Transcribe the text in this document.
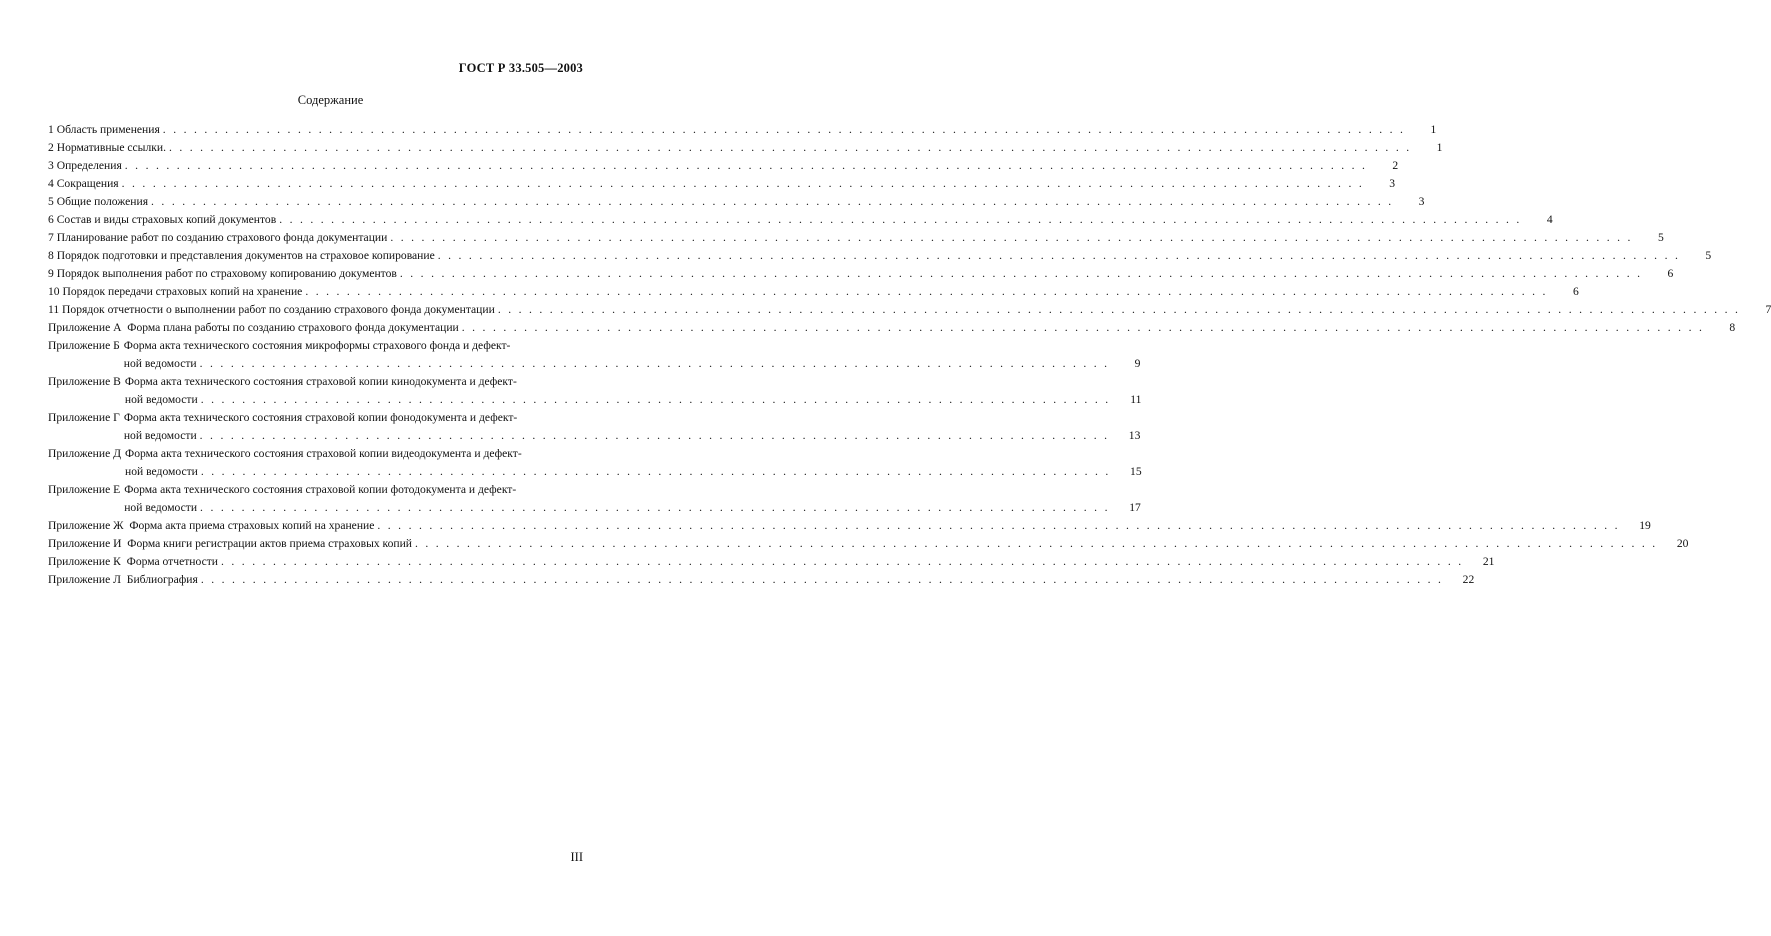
ГОСТ Р 33.505—2003
Содержание
1 Область применения . . .	1
2 Нормативные ссылки. . . .	1
3 Определения . . .	2
4 Сокращения . . .	3
5 Общие положения . . .	3
6 Состав и виды страховых копий документов . . .	4
7 Планирование работ по созданию страхового фонда документации . . .	5
8 Порядок подготовки и представления документов на страховое копирование . . .	5
9 Порядок выполнения работ по страховому копированию документов . . .	6
10 Порядок передачи страховых копий на хранение . . .	6
11 Порядок отчетности о выполнении работ по созданию страхового фонда документации . . .	7
Приложение А Форма плана работы по созданию страхового фонда документации . . .	8
Приложение Б Форма акта технического состояния микроформы страхового фонда и дефект-
ной ведомости . . .	9
Приложение В Форма акта технического состояния страховой копии кинодокумента и дефект-
ной ведомости . . .	11
Приложение Г Форма акта технического состояния страховой копии фонодокумента и дефект-
ной ведомости . . .	13
Приложение Д Форма акта технического состояния страховой копии видеодокумента и дефект-
ной ведомости . . .	15
Приложение Е Форма акта технического состояния страховой копии фотодокумента и дефект-
ной ведомости . . .	17
Приложение Ж Форма акта приема страховых копий на хранение . . .	19
Приложение И Форма книги регистрации актов приема страховых копий . . .	20
Приложение К Форма отчетности . . .	21
Приложение Л Библиография . . .	22
III
